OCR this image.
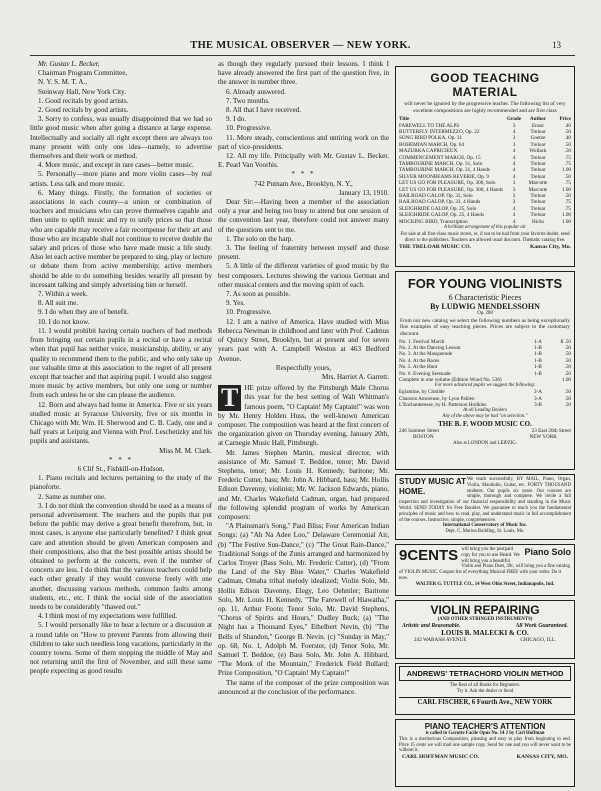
THE MUSICAL OBSERVER — NEW YORK.	13

Mr. Gustav L. Becker,

Chairman Program Committee,

N. Y. S. M. T. A.,

Steinway Hall, New York City.

1. Good recitals by good artists.

2. Good recitals by good artists.

3. Sorry to confess, was usually disappointed that we had so little good music when after going a distance at large expense. Intellectually and socially all right except there are always too many present with only one idea—namely, to advertise themselves and their work or method.

4. More music, and except in rare cases—better music.

5. Personally—more piano and more violin cases—by real artists. Less talk and more music.

6. Many things. Firstly, the formation of societies or associations in each county—a union or combination of teachers and musicians who can prove themselves capable and then unite to uplift music and try to unify prices so that those who are capable may receive a fair recompense for their art and those who are incapable shall not continue to receive double the salary and prices of those who have made music a life study. Also let each active member be prepared to sing, play or lecture or debate them from active membership; active members should be able to do something besides wearily all present by incessant talking and simply advertising him or herself.

7. Within a week.

8. All suit me.

9. I do when they are of benefit.

10. I do not know.

11. I would prohibit having certain teachers of bad methods from bringing out certain pupils in a recital or have a recital when that pupil has neither voice, musicianship, ability, or any quality to recommend them to the public, and who only take up our valuable time at this association to the regret of all present except that teacher and that aspiring pupil. I would also suggest more music by active members, but only one song or number from each unless he or she can please the audience.

12. Born and always had home in America. Five or six years studied music at Syracuse University, five or six months in Chicago with Mr. Wm. H. Sherwood and C. B. Cady, one and a half years at Leipzig and Vienna with Prof. Leschetizky and his pupils and assistants.

Miss M. M. Clark.

* * *

6 Clif St., Fishkill-on-Hudson.

1. Piano recitals and lectures pertaining to the study of the pianoforte.

2. Same as number one.

3. I do not think the convention should be used as a means of personal advertisement. The teachers and the pupils that put before the public may derive a great benefit therefrom, but, in most cases, is anyone else particularly benefited? I think great care and attention should be given American composers and their compositions, also that the best possible artists should be obtained to perform at the concerts, even if the number of concerts are less. I do think that the various teachers could help each other greatly if they would converse freely with one another, discussing various methods, common faults among students, etc., etc. I think the social side of the association needs to be considerably "thawed out."

4. I think most of my expectations were fulfilled.

5. I would personally like to hear a lecture or a discussion at a round table on "How to prevent Parents from allowing their children to take such needless long vacations, particularly in the country towns. Some of them stopping the middle of May and not returning until the first of November, and still these same people expecting as good results

as though they regularly pursued their lessons. I think I have already answered the first part of the question five, in the answer in number three.

6. Already answered.

7. Two months.

8. All that I have received.

9. I do.

10. Progressive.

11. More steady, conscientious and untiring work on the part of vice-presidents.

12. All my life. Principally with Mr. Gustav L. Becker. E. Pearl Van Voorhis.

* * *

742 Putnam Ave., Brooklyn, N. Y.,

January 13, 1910.

Dear Sir:—Having been a member of the association only a year and being too busy to attend but one session of the convention last year, therefore could not answer many of the questions sent to me.

1. The solo on the harp.

3. The feeling of fraternity between myself and those present.

5. A little of the different varieties of good music by the best composers. Lectures showing the various German and other musical centers and the moving spirit of each.

7. As soon as possible.

9. Yes.

10. Progressive.

12. I am a native of America. Have studied with Miss Rebecca Newman in childhood and later with Prof. Cadmus of Quincy Street, Brooklyn, but at present and for seven years past with A. Campbell Weston at 463 Bedford Avenue.

Respectfully yours,

Mrs. Harriet A. Garrett.

T HE prize offered by the Pittsburgh Male Chorus this year for the best setting of Walt Whitman's famous poem, "O Captain! My Captain!" was won by Mr. Henry Holden Huss, the well-known American composer. The composition was heard at the first concert of the organization given on Thursday evening, January 20th, at Carnegie Music Hall, Pittsburgh.

Mr. James Stephen Martin, musical director, with assistance of Mr. Samuel T. Beddoe, tenor; Mr. David Stephens, tenor; Mr. Louis H. Kennedy, baritone; Mr. Frederic Cutter, bass; Mr. John A. Hibbard, bass; Mr. Hollis Edison Davenny, violinist; Mr. W. Jackson Edwards, piano, and Mr. Charles Wakefield Cadman, organ, had prepared the following splendid program of works by American composers:

"A Plainsman's Song," Paul Bliss; Four American Indian Songs: (a) "Ah Na Adee Loo," Delaware Ceremonial Air, (b) "The Festive Sun-Dance," (c) "The Great Rain-Dance," Traditional Songs of the Zunis arranged and harmonized by Carlos Troyer (Bass Solo, Mr. Frederic Cutter), (d) "From the Land of the Sky Blue Water," Charles Wakefield Cadman, Omaha tribal melody idealized; Violin Solo, Mr. Hollis Edison Davenny, Elegy, Leo Oehmler; Baritone Solo, Mr. Louis H. Kennedy, "The Farewell of Hiawatha," op. 11, Arthur Foote; Tenor Solo, Mr. David Stephens, "Chorus of Spirits and Hours," Dudley Buck; (a) "The Night has a Thousand Eyes," Ethelbert Nevin, (b) "The Bells of Shandon," George B. Nevin. (c) "Sunday in May," op. 68, No. 1, Adolph M. Foerster, (d) Tenor Solo, Mr. Samuel T. Beddoe, (e) Bass Solo, Mr. John A. Hibbard, "The Monk of the Mountain," Frederick Field Bullard; Prize Composition, "O Captain! My Captain!"

The name of the composer of the prize composition was announced at the conclusion of the performance.

GOOD TEACHING MATERIAL
will never be ignored by the progressive teacher. The following list of very excellent compositions are highly recommended and are first class
Title	Grade	Author	Price
FAREWELL TO THE ALPS	3	Ensor	.40
BUTTERFLY INTERMEZZO, Op. 22	4	Treloar	.50
SONG BIRD POLKA, Op. 31	3	Goetze	.40
BOHEMIAN MARCH, Op. 64	3	Treloar	.50
MAZURKA CAPRICIEUX	4	Wollack	.50
COMMENCEMENT MARCH, Op. 15	4	Treloar	.75
TAMBOURINE MARCH, Op. 31, Solo	4	Treloar	.75
TAMBOURINE MARCH, Op. 31, 4 Hands	4	Treloar	1.00
SILVER MOONBEAMS REVERIE, Op. 9	4	Treloar	.50
LET US GO FOR PLEASURE, Op. 300, Solo	3	Marcotte	.75
LET US GO FOR PLEASURE, Op. 300, 4 Hands	3	Marcotte	1.00
RAILROAD GALOP, Op. 33, Solo	3	Treloar	.50
RAILROAD GALOP, Op. 33, 4 Hands	3	Treloar	.75
SLEIGHRIDE GALOP, Op. 25, Solo	4	Treloar	.75
SLEIGHRIDE GALOP, Op. 25, 4 Hands	4	Treloar	1.00
MOCKING BIRD, Transcription	4	Hicks	1.00
A brilliant arrangement of this popular air
For sale at all first-class music stores, or, if not to be had from your favorite dealer, send direct to the publishers. Teachers are allowed usual discount. Thematic catalog free.
THE TRELOAR MUSIC CO.	Kansas City, Mo.
FOR YOUNG VIOLINISTS
6 Characteristic Pieces
By LUDWIG MENDELSSOHN
Op. 288
From our new catalog we select the following numbers as being exceptionally fine examples of easy teaching pieces. Prices are subject to the customary discount.
No. 1. Festival March	1-A	$ .50
No. 2. At the Dancing Lesson	1-B	.50
No. 3. At the Masquerade	1-B	.50
No. 4. At the Races	1-B	.50
No. 5. At the Hunt	1-B	.50
No. 6. Evening Serenade	1-B	.50
Complete in one volume (Edition Wood No. 536)	1.00
For more advanced pupils we suggest the following:
Eglantine, by Clotilde	2-A	.50
Chanson Amoreuse, by Lyon Pahlen	3-A	.50
L'Enchanteresse, by H. Patterson Hodkins	3-B	.50
At all Leading Dealers
Any of the above may be had "on selection."
THE B. F. WOOD MUSIC CO.
246 Summer Street	23 East 20th Street
BOSTON	NEW YORK
Also at LONDON and LEIPZIG.
STUDY MUSIC AT HOME.
We teach successfully, BY MAIL, Piano, Organ, Violin, Mandolin, Guitar, etc. FORTY THOUSAND students. Our pupils six years. Our courses are simple, thorough and complete. We invite a full inspection and investigation of our financial responsibility and standing in the Music World. SEND TODAY for Free Booklet. We guarantee to teach you the fundamental principles of music and how to read, play, and understand music in full accomplishment of the courses. Instructive, simple, comprehensive.
International Conservatory of Music Inc.
Dept. C, Marina Building, St. Louis, Mo.
9CENTS	Piano Solo
will bring you the postpaid copy for you to use Heard. We will bring you a beautiful
Violin and Piano Duet, 39c, will bring you a fine catalog of VIOLIN MUSIC. Coupon list of everything Musical FREE with your order. Do it now.
WALTER G. TUTTLE CO., 14 West Ohio Street, Indianapolis, Ind.
VIOLIN REPAIRING
(AND OTHER STRINGED INSTRUMENTS)
Artistic and Reasonable.	All Work Guaranteed.
LOUIS B. MALECKI & CO.
242 WABASH AVENUE	CHICAGO, ILL.
ANDREWS' TETRACHORD VIOLIN METHOD
The Best of all Books for Beginners.
Try it. Ask the dealer or Send
CARL FISCHER, 6 Fourth Ave., NEW YORK
PIANO TEACHER'S ATTENTION
is called to Gavotte Facile Opus No. 14 2 by Carl Hoffman
This is a meritorious Composition, pleasing and easy to play from beginning to end. Price 15 cents we will mail one sample copy. Send for one and you will never want to be without it.
CARL HOFFMAN MUSIC CO.	KANSAS CITY, MO.
